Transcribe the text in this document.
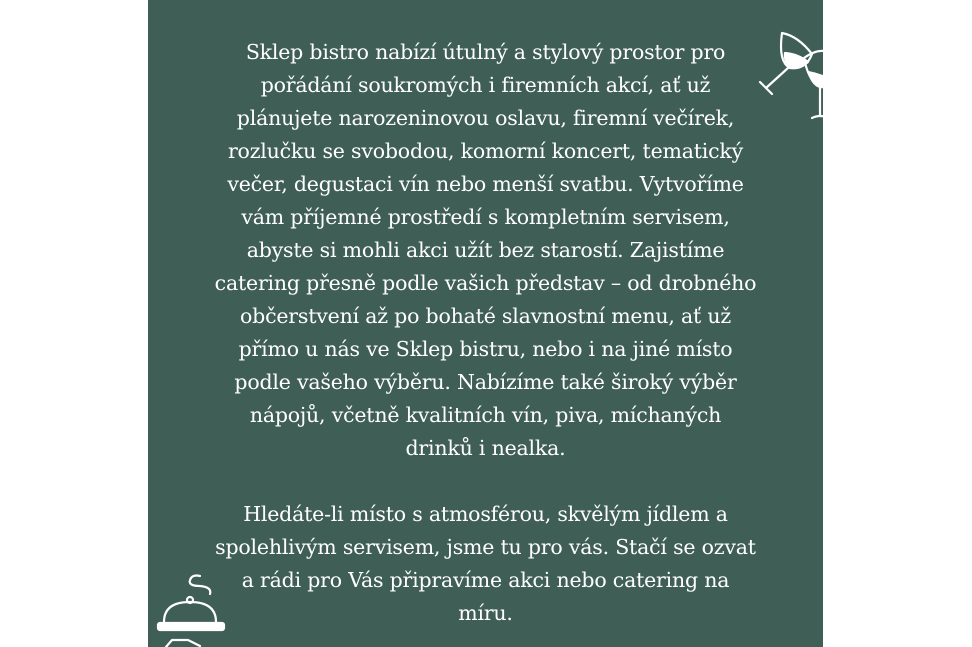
Sklep bistro nabízí útulný a stylový prostor pro
pořádání soukromých i firemních akcí, ať už
plánujete narozeninovou oslavu, firemní večírek,
rozlučku se svobodou, komorní koncert, tematický
večer, degustaci vín nebo menší svatbu. Vytvoříme
vám příjemné prostředí s kompletním servisem,
abyste si mohli akci užít bez starostí. Zajistíme
catering přesně podle vašich představ – od drobného
občerstvení až po bohaté slavnostní menu, ať už
přímo u nás ve Sklep bistru, nebo i na jiné místo
podle vašeho výběru. Nabízíme také široký výběr
nápojů, včetně kvalitních vín, piva, míchaných
drinků i nealka.
Hledáte-li místo s atmosférou, skvělým jídlem a
spolehlivým servisem, jsme tu pro vás. Stačí se ozvat
a rádi pro Vás připravíme akci nebo catering na
míru.
